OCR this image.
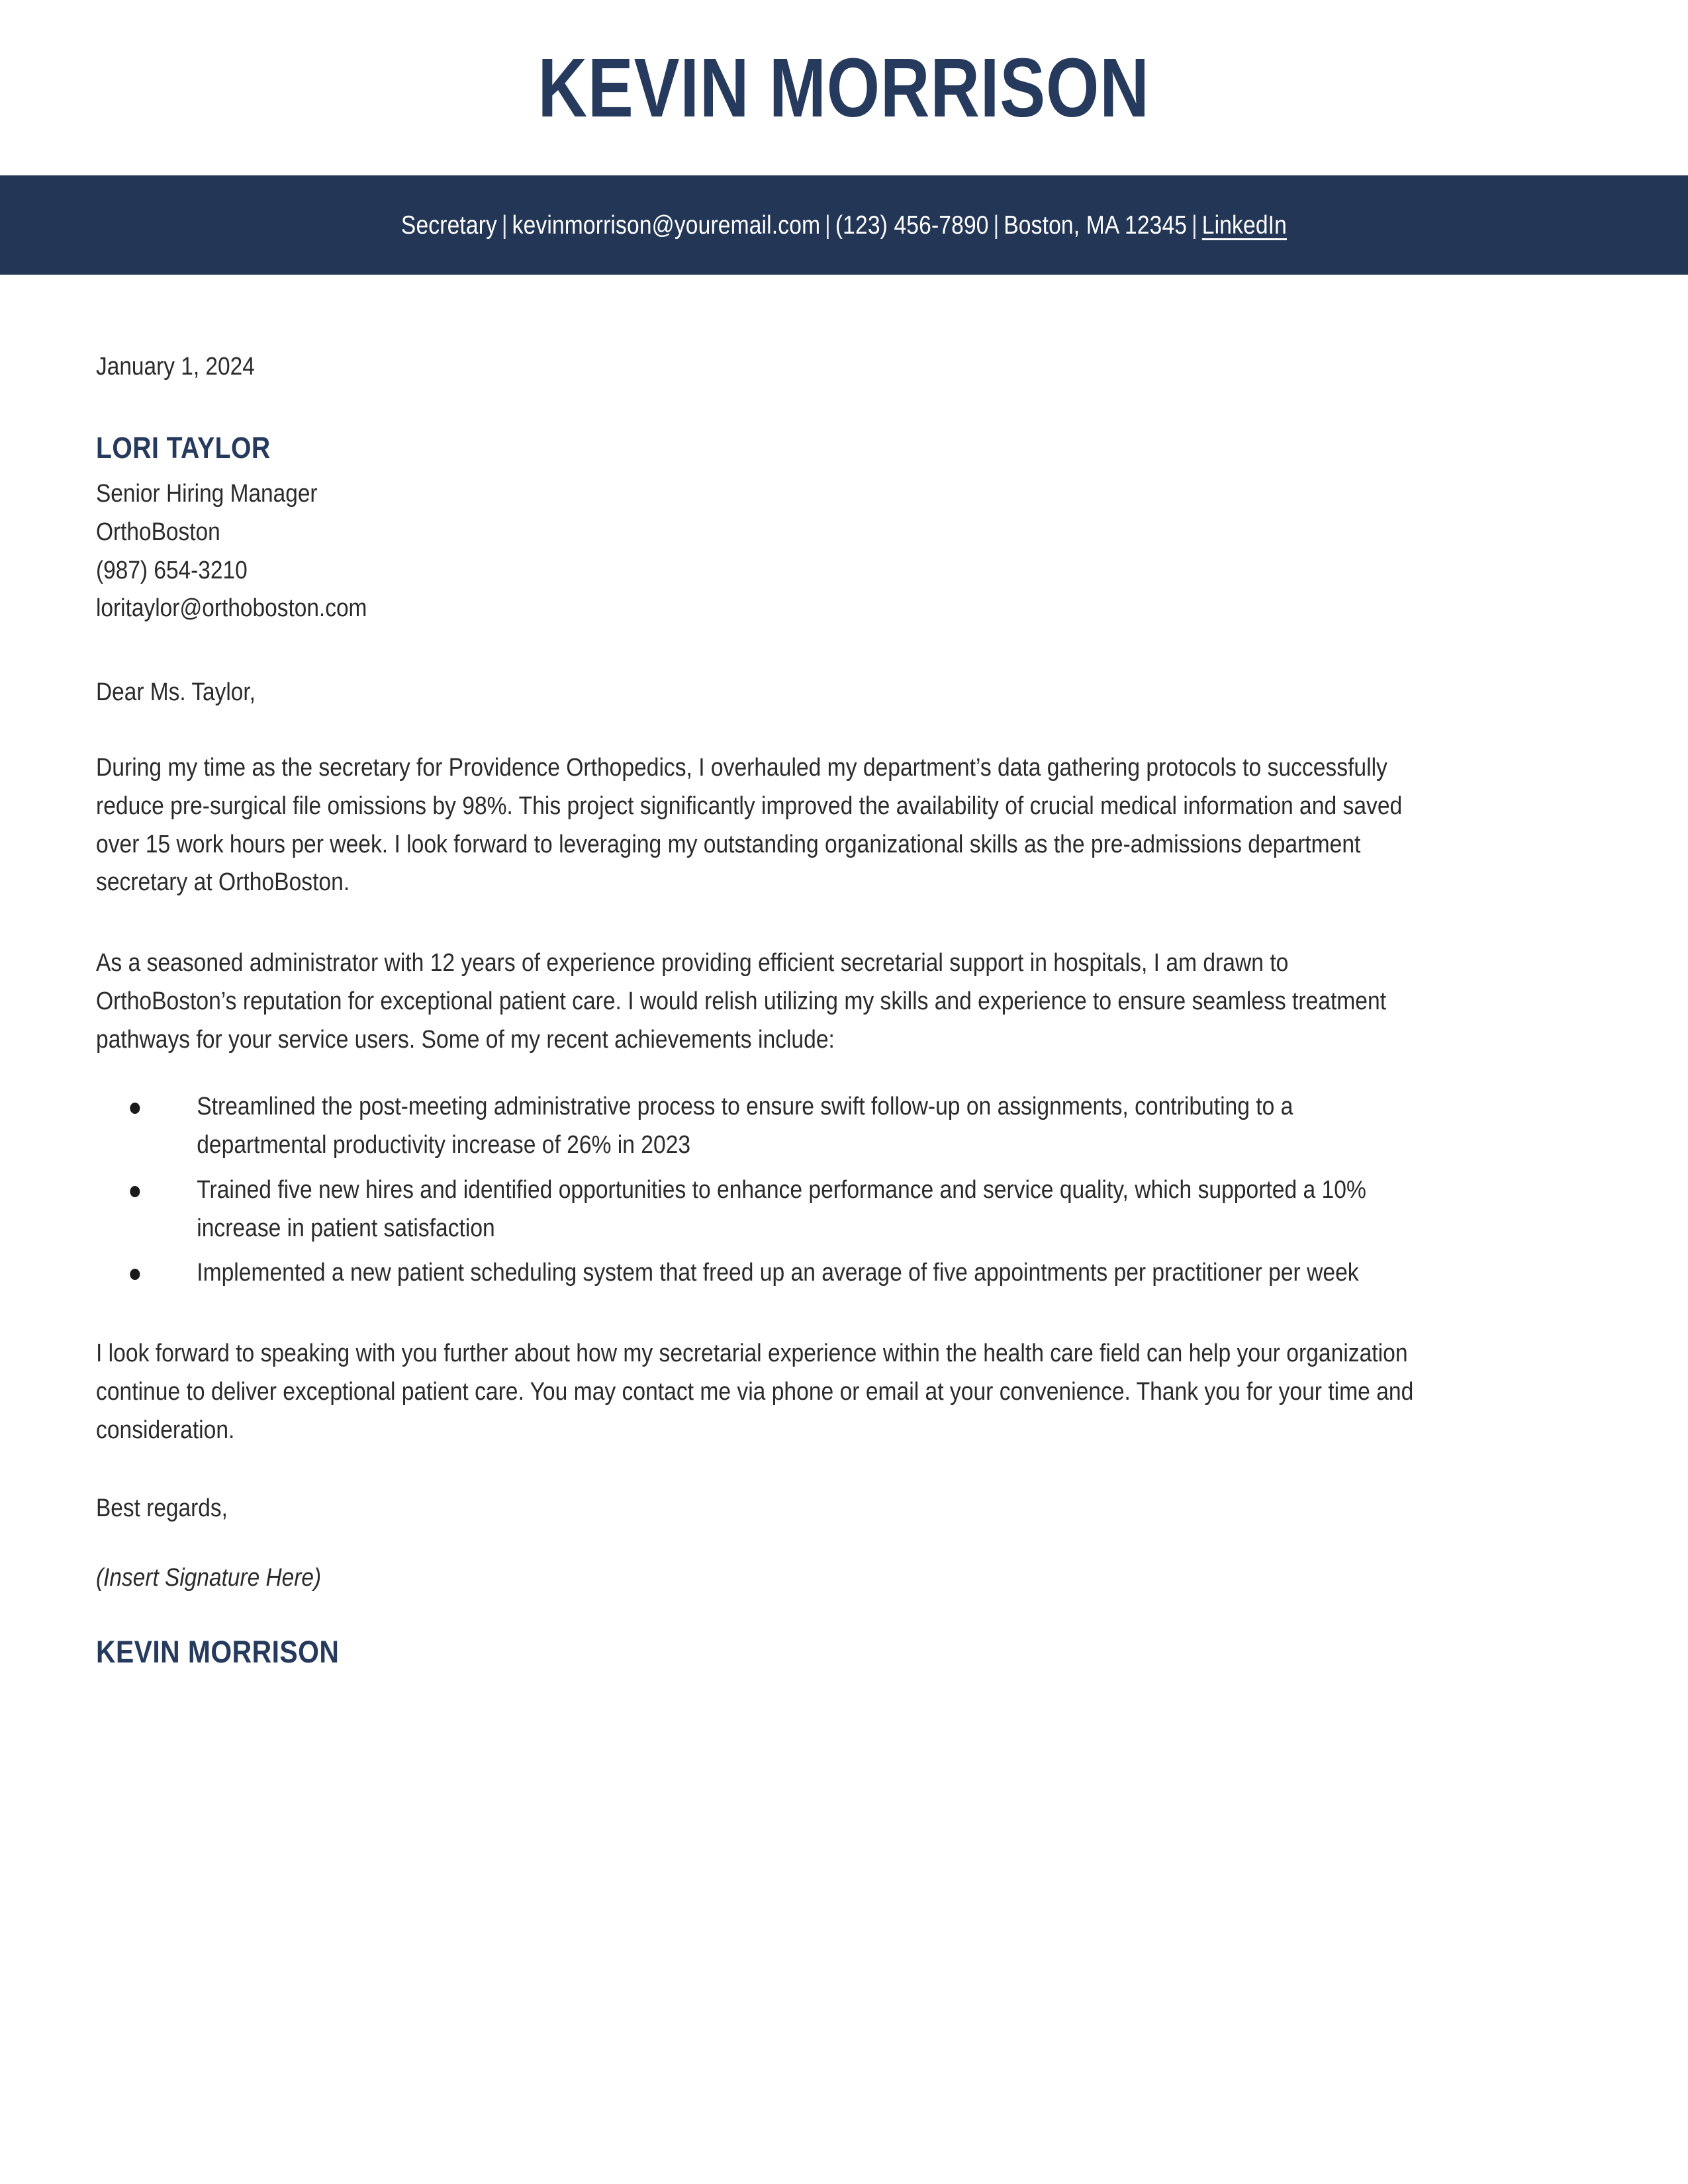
KEVIN MORRISON
Secretary | kevinmorrison@youremail.com | (123) 456-7890 | Boston, MA 12345 | LinkedIn
January 1, 2024
LORI TAYLOR
Senior Hiring Manager
OrthoBoston
(987) 654-3210
loritaylor@orthoboston.com
Dear Ms. Taylor,
During my time as the secretary for Providence Orthopedics, I overhauled my department’s data gathering protocols to successfully reduce pre-surgical file omissions by 98%. This project significantly improved the availability of crucial medical information and saved over 15 work hours per week. I look forward to leveraging my outstanding organizational skills as the pre-admissions department secretary at OrthoBoston.
As a seasoned administrator with 12 years of experience providing efficient secretarial support in hospitals, I am drawn to OrthoBoston’s reputation for exceptional patient care. I would relish utilizing my skills and experience to ensure seamless treatment pathways for your service users. Some of my recent achievements include:
Streamlined the post-meeting administrative process to ensure swift follow-up on assignments, contributing to a departmental productivity increase of 26% in 2023
Trained five new hires and identified opportunities to enhance performance and service quality, which supported a 10% increase in patient satisfaction
Implemented a new patient scheduling system that freed up an average of five appointments per practitioner per week
I look forward to speaking with you further about how my secretarial experience within the health care field can help your organization continue to deliver exceptional patient care. You may contact me via phone or email at your convenience. Thank you for your time and consideration.
Best regards,
(Insert Signature Here)
KEVIN MORRISON
